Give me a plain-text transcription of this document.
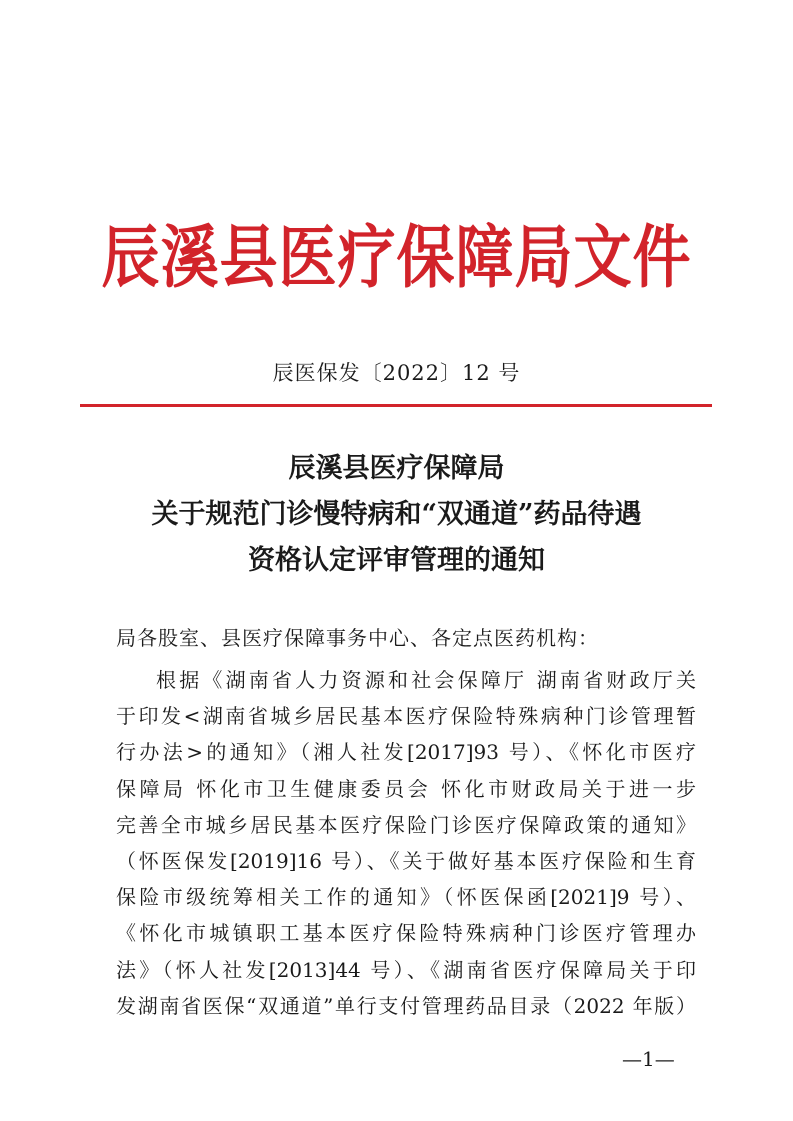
辰溪县医疗保障局文件
辰医保发〔2022〕12 号
辰溪县医疗保障局
关于规范门诊慢特病和“双通道”药品待遇
资格认定评审管理的通知
局各股室、县医疗保障事务中心、各定点医药机构：
根据《湖南省人力资源和社会保障厅 湖南省财政厅关
于印发<湖南省城乡居民基本医疗保险特殊病种门诊管理暂
行办法>的通知》（湘人社发[2017]93 号）、《怀化市医疗
保障局 怀化市卫生健康委员会 怀化市财政局关于进一步
完善全市城乡居民基本医疗保险门诊医疗保障政策的通知》
（怀医保发[2019]16 号）、《关于做好基本医疗保险和生育
保险市级统筹相关工作的通知》（怀医保函[2021]9 号）、
《怀化市城镇职工基本医疗保险特殊病种门诊医疗管理办
法》（怀人社发[2013]44 号）、《湖南省医疗保障局关于印
发湖南省医保“双通道”单行支付管理药品目录（2022 年版）
—1—
